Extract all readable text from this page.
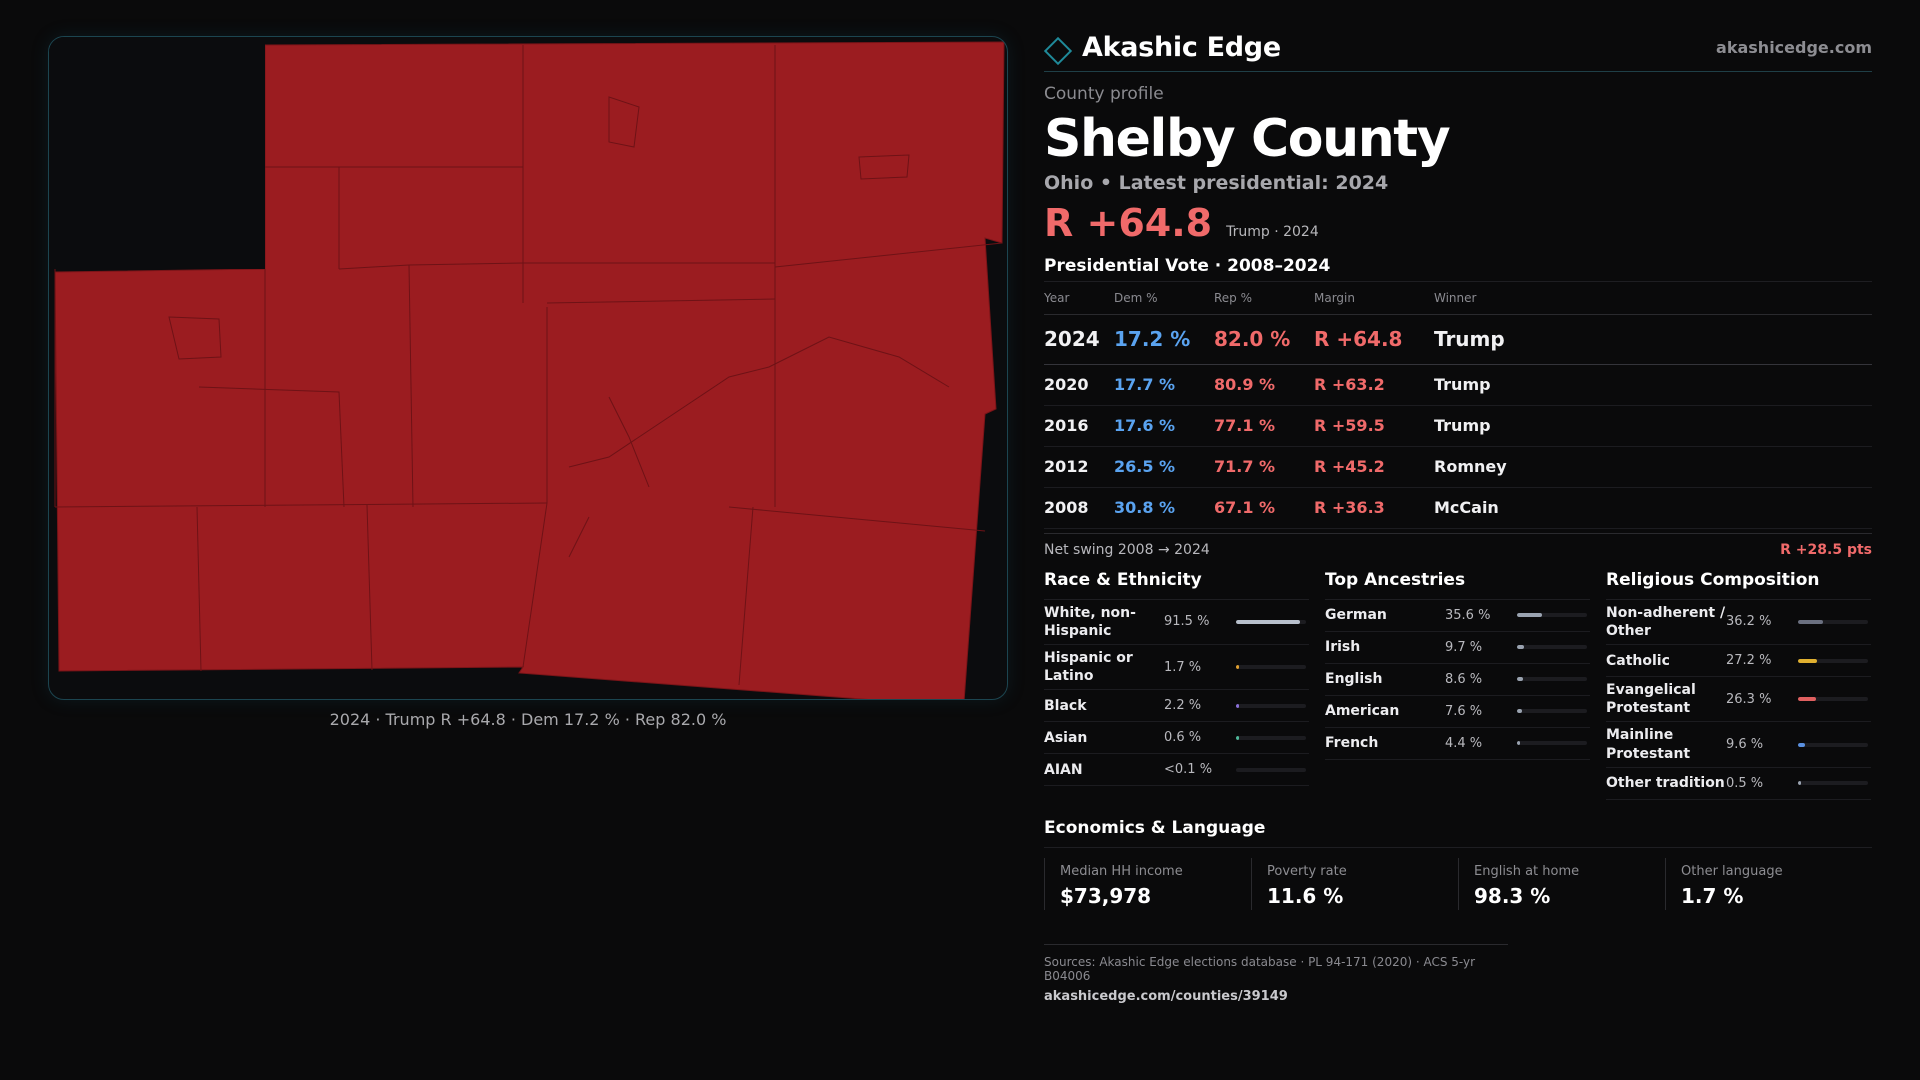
2024 · Trump R +64.8 · Dem 17.2 % · Rep 82.0 %
Akashic Edge	akashicedge.com
County profile
Shelby County
Ohio • Latest presidential: 2024
R +64.8 Trump · 2024
Presidential Vote · 2008–2024
Year	Dem %	Rep %	Margin	Winner
2024	17.2 %	82.0 %	R +64.8	Trump
2020	17.7 %	80.9 %	R +63.2	Trump
2016	17.6 %	77.1 %	R +59.5	Trump
2012	26.5 %	71.7 %	R +45.2	Romney
2008	30.8 %	67.1 %	R +36.3	McCain
Net swing 2008 → 2024	R +28.5 pts
Race & Ethnicity
White, non-Hispanic
91.5 %
Hispanic or Latino
1.7 %
Black	2.2 %
Asian	0.6 %
AIAN	<0.1 %
Top Ancestries
German	35.6 %
Irish	9.7 %
English	8.6 %
American	7.6 %
French	4.4 %
Religious Composition
Non-adherent / Other
36.2 %
Catholic	27.2 %
Evangelical Protestant
26.3 %
Mainline Protestant
9.6 %
Other tradition 0.5 %
Economics & Language
Median HH income
$73,978
Poverty rate
11.6 %
English at home
98.3 %
Other language
1.7 %
Sources: Akashic Edge elections database · PL 94-171 (2020) · ACS 5-yr B04006
akashicedge.com/counties/39149
